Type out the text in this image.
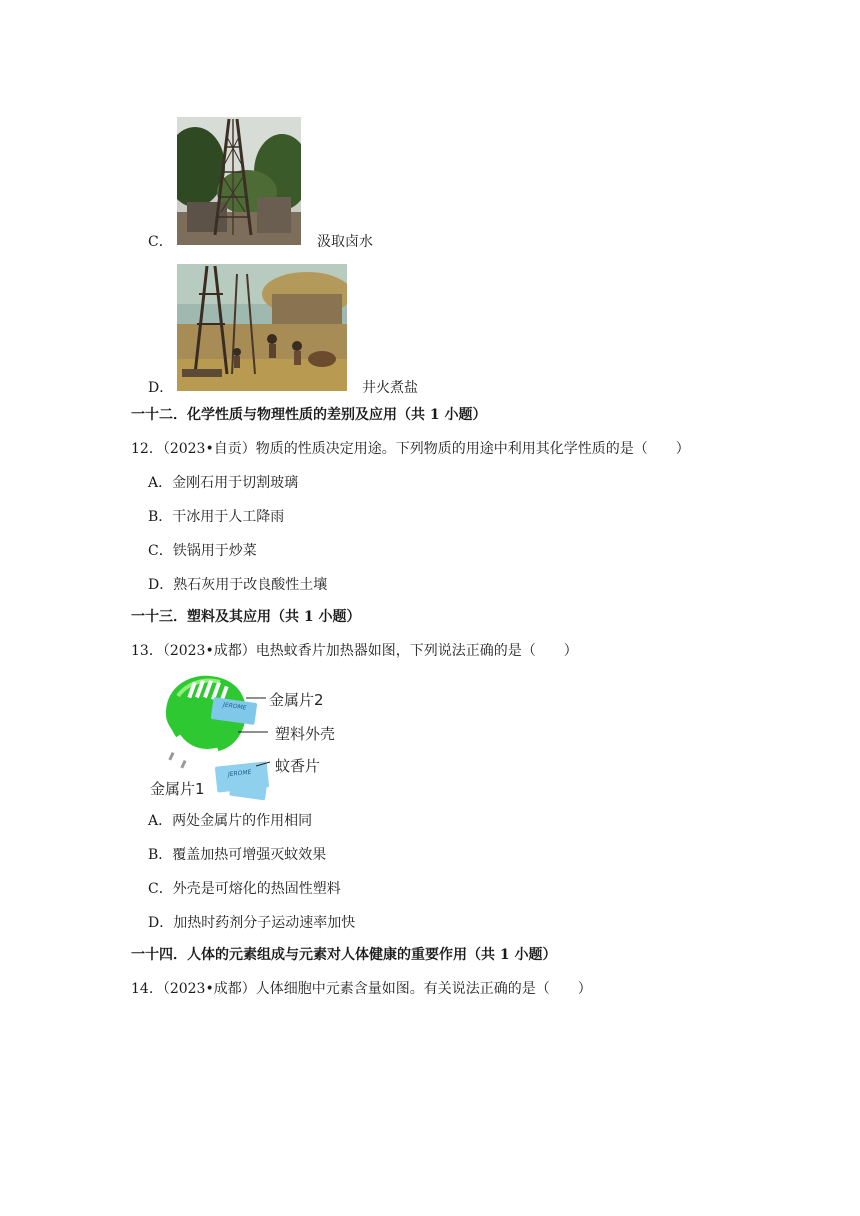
C．	汲取卤水
D．	井火煮盐
一十二．化学性质与物理性质的差别及应用（共 1 小题）
12．（2023•自贡）物质的性质决定用途。下列物质的用途中利用其化学性质的是（　　）
A．金刚石用于切割玻璃
B．干冰用于人工降雨
C．铁锅用于炒菜
D．熟石灰用于改良酸性土壤
一十三．塑料及其应用（共 1 小题）
13．（2023•成都）电热蚊香片加热器如图，下列说法正确的是（　　）
金属片2
塑料外壳
蚊香片
金属片1
JEROME
JEROME
A．两处金属片的作用相同
B．覆盖加热可增强灭蚊效果
C．外壳是可熔化的热固性塑料
D．加热时药剂分子运动速率加快
一十四．人体的元素组成与元素对人体健康的重要作用（共 1 小题）
14．（2023•成都）人体细胞中元素含量如图。有关说法正确的是（　　）
